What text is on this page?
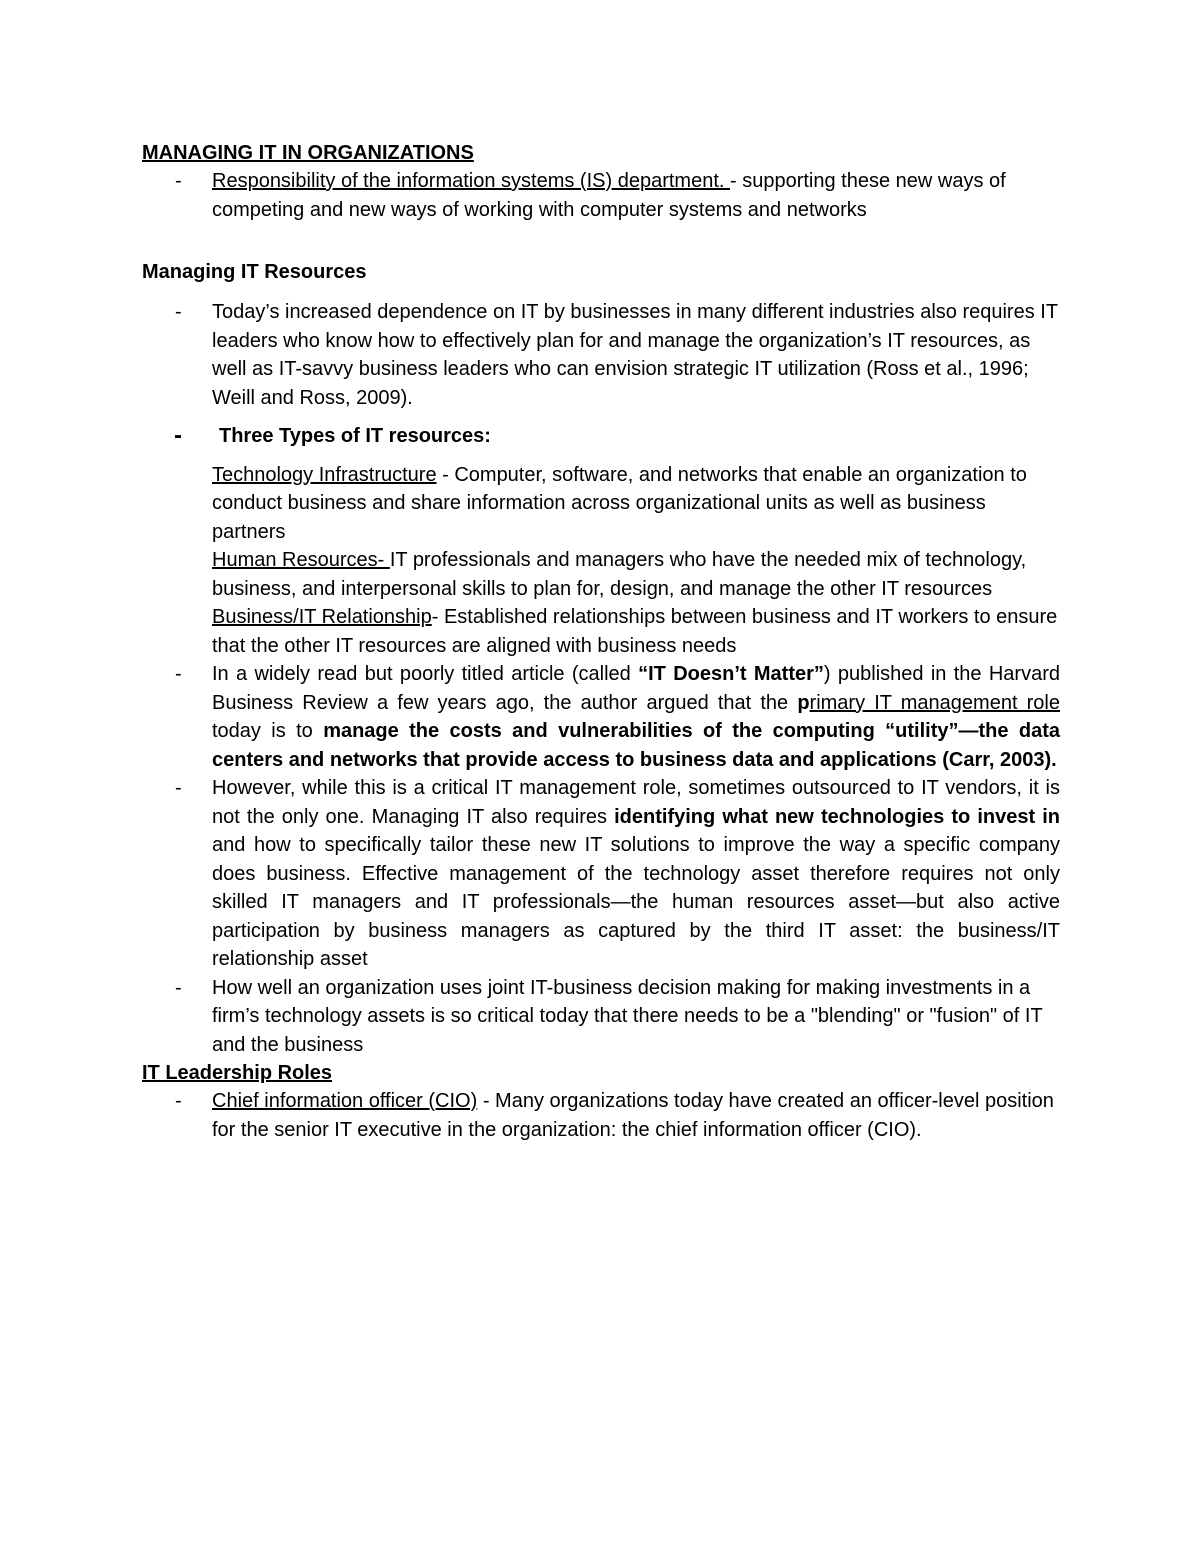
MANAGING IT IN ORGANIZATIONS
- Responsibility of the information systems (IS) department. - supporting these new ways of competing and new ways of working with computer systems and networks
Managing IT Resources
- Today’s increased dependence on IT by businesses in many different industries also requires IT leaders who know how to effectively plan for and manage the organization’s IT resources, as well as IT-savvy business leaders who can envision strategic IT utilization (Ross et al., 1996; Weill and Ross, 2009).
- Three Types of IT resources:
Technology Infrastructure - Computer, software, and networks that enable an organization to conduct business and share information across organizational units as well as business partners
Human Resources- IT professionals and managers who have the needed mix of technology, business, and interpersonal skills to plan for, design, and manage the other IT resources
Business/IT Relationship- Established relationships between business and IT workers to ensure that the other IT resources are aligned with business needs
- In a widely read but poorly titled article (called “IT Doesn’t Matter”) published in the Harvard Business Review a few years ago, the author argued that the primary IT management role today is to manage the costs and vulnerabilities of the computing “utility”—the data centers and networks that provide access to business data and applications (Carr, 2003).
- However, while this is a critical IT management role, sometimes outsourced to IT vendors, it is not the only one. Managing IT also requires identifying what new technologies to invest in and how to specifically tailor these new IT solutions to improve the way a specific company does business. Effective management of the technology asset therefore requires not only skilled IT managers and IT professionals—the human resources asset—but also active participation by business managers as captured by the third IT asset: the business/IT relationship asset
- How well an organization uses joint IT-business decision making for making investments in a firm’s technology assets is so critical today that there needs to be a "blending" or "fusion" of IT and the business
IT Leadership Roles
- Chief information officer (CIO) - Many organizations today have created an officer-level position for the senior IT executive in the organization: the chief information officer (CIO).
